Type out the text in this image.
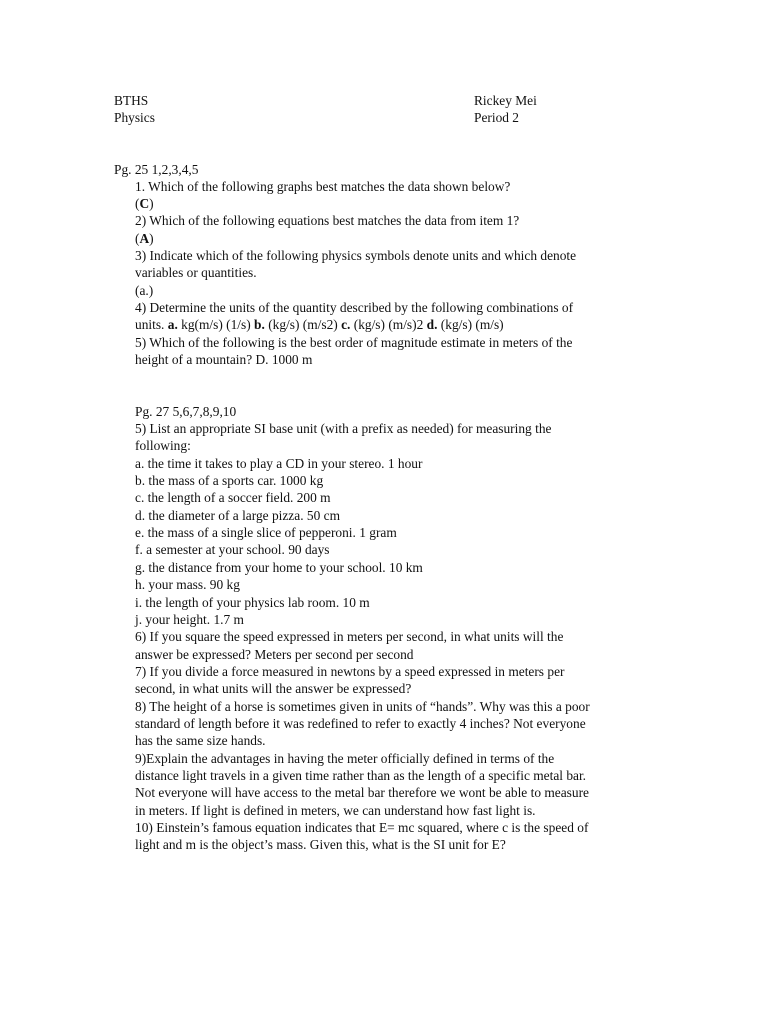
BTHS

Physics

Rickey Mei

Period 2

Pg. 25 1,2,3,4,5

1. Which of the following graphs best matches the data shown below?

(C)

2) Which of the following equations best matches the data from item 1?

(A)

3) Indicate which of the following physics symbols denote units and which denote

variables or quantities.

(a.)

4) Determine the units of the quantity described by the following combinations of

units. a. kg(m/s) (1/s) b. (kg/s) (m/s2) c. (kg/s) (m/s)2 d. (kg/s) (m/s)

5) Which of the following is the best order of magnitude estimate in meters of the

height of a mountain? D. 1000 m

Pg. 27 5,6,7,8,9,10

5) List an appropriate SI base unit (with a prefix as needed) for measuring the

following:

a. the time it takes to play a CD in your stereo. 1 hour

b. the mass of a sports car. 1000 kg

c. the length of a soccer field. 200 m

d. the diameter of a large pizza. 50 cm

e. the mass of a single slice of pepperoni. 1 gram

f. a semester at your school. 90 days

g. the distance from your home to your school. 10 km

h. your mass. 90 kg

i. the length of your physics lab room. 10 m

j. your height. 1.7 m

6) If you square the speed expressed in meters per second, in what units will the

answer be expressed? Meters per second per second

7) If you divide a force measured in newtons by a speed expressed in meters per

second, in what units will the answer be expressed?

8) The height of a horse is sometimes given in units of “hands”. Why was this a poor

standard of length before it was redefined to refer to exactly 4 inches? Not everyone

has the same size hands.

9)Explain the advantages in having the meter officially defined in terms of the

distance light travels in a given time rather than as the length of a specific metal bar.

Not everyone will have access to the metal bar therefore we wont be able to measure

in meters. If light is defined in meters, we can understand how fast light is.

10) Einstein’s famous equation indicates that E= mc squared, where c is the speed of

light and m is the object’s mass. Given this, what is the SI unit for E?
